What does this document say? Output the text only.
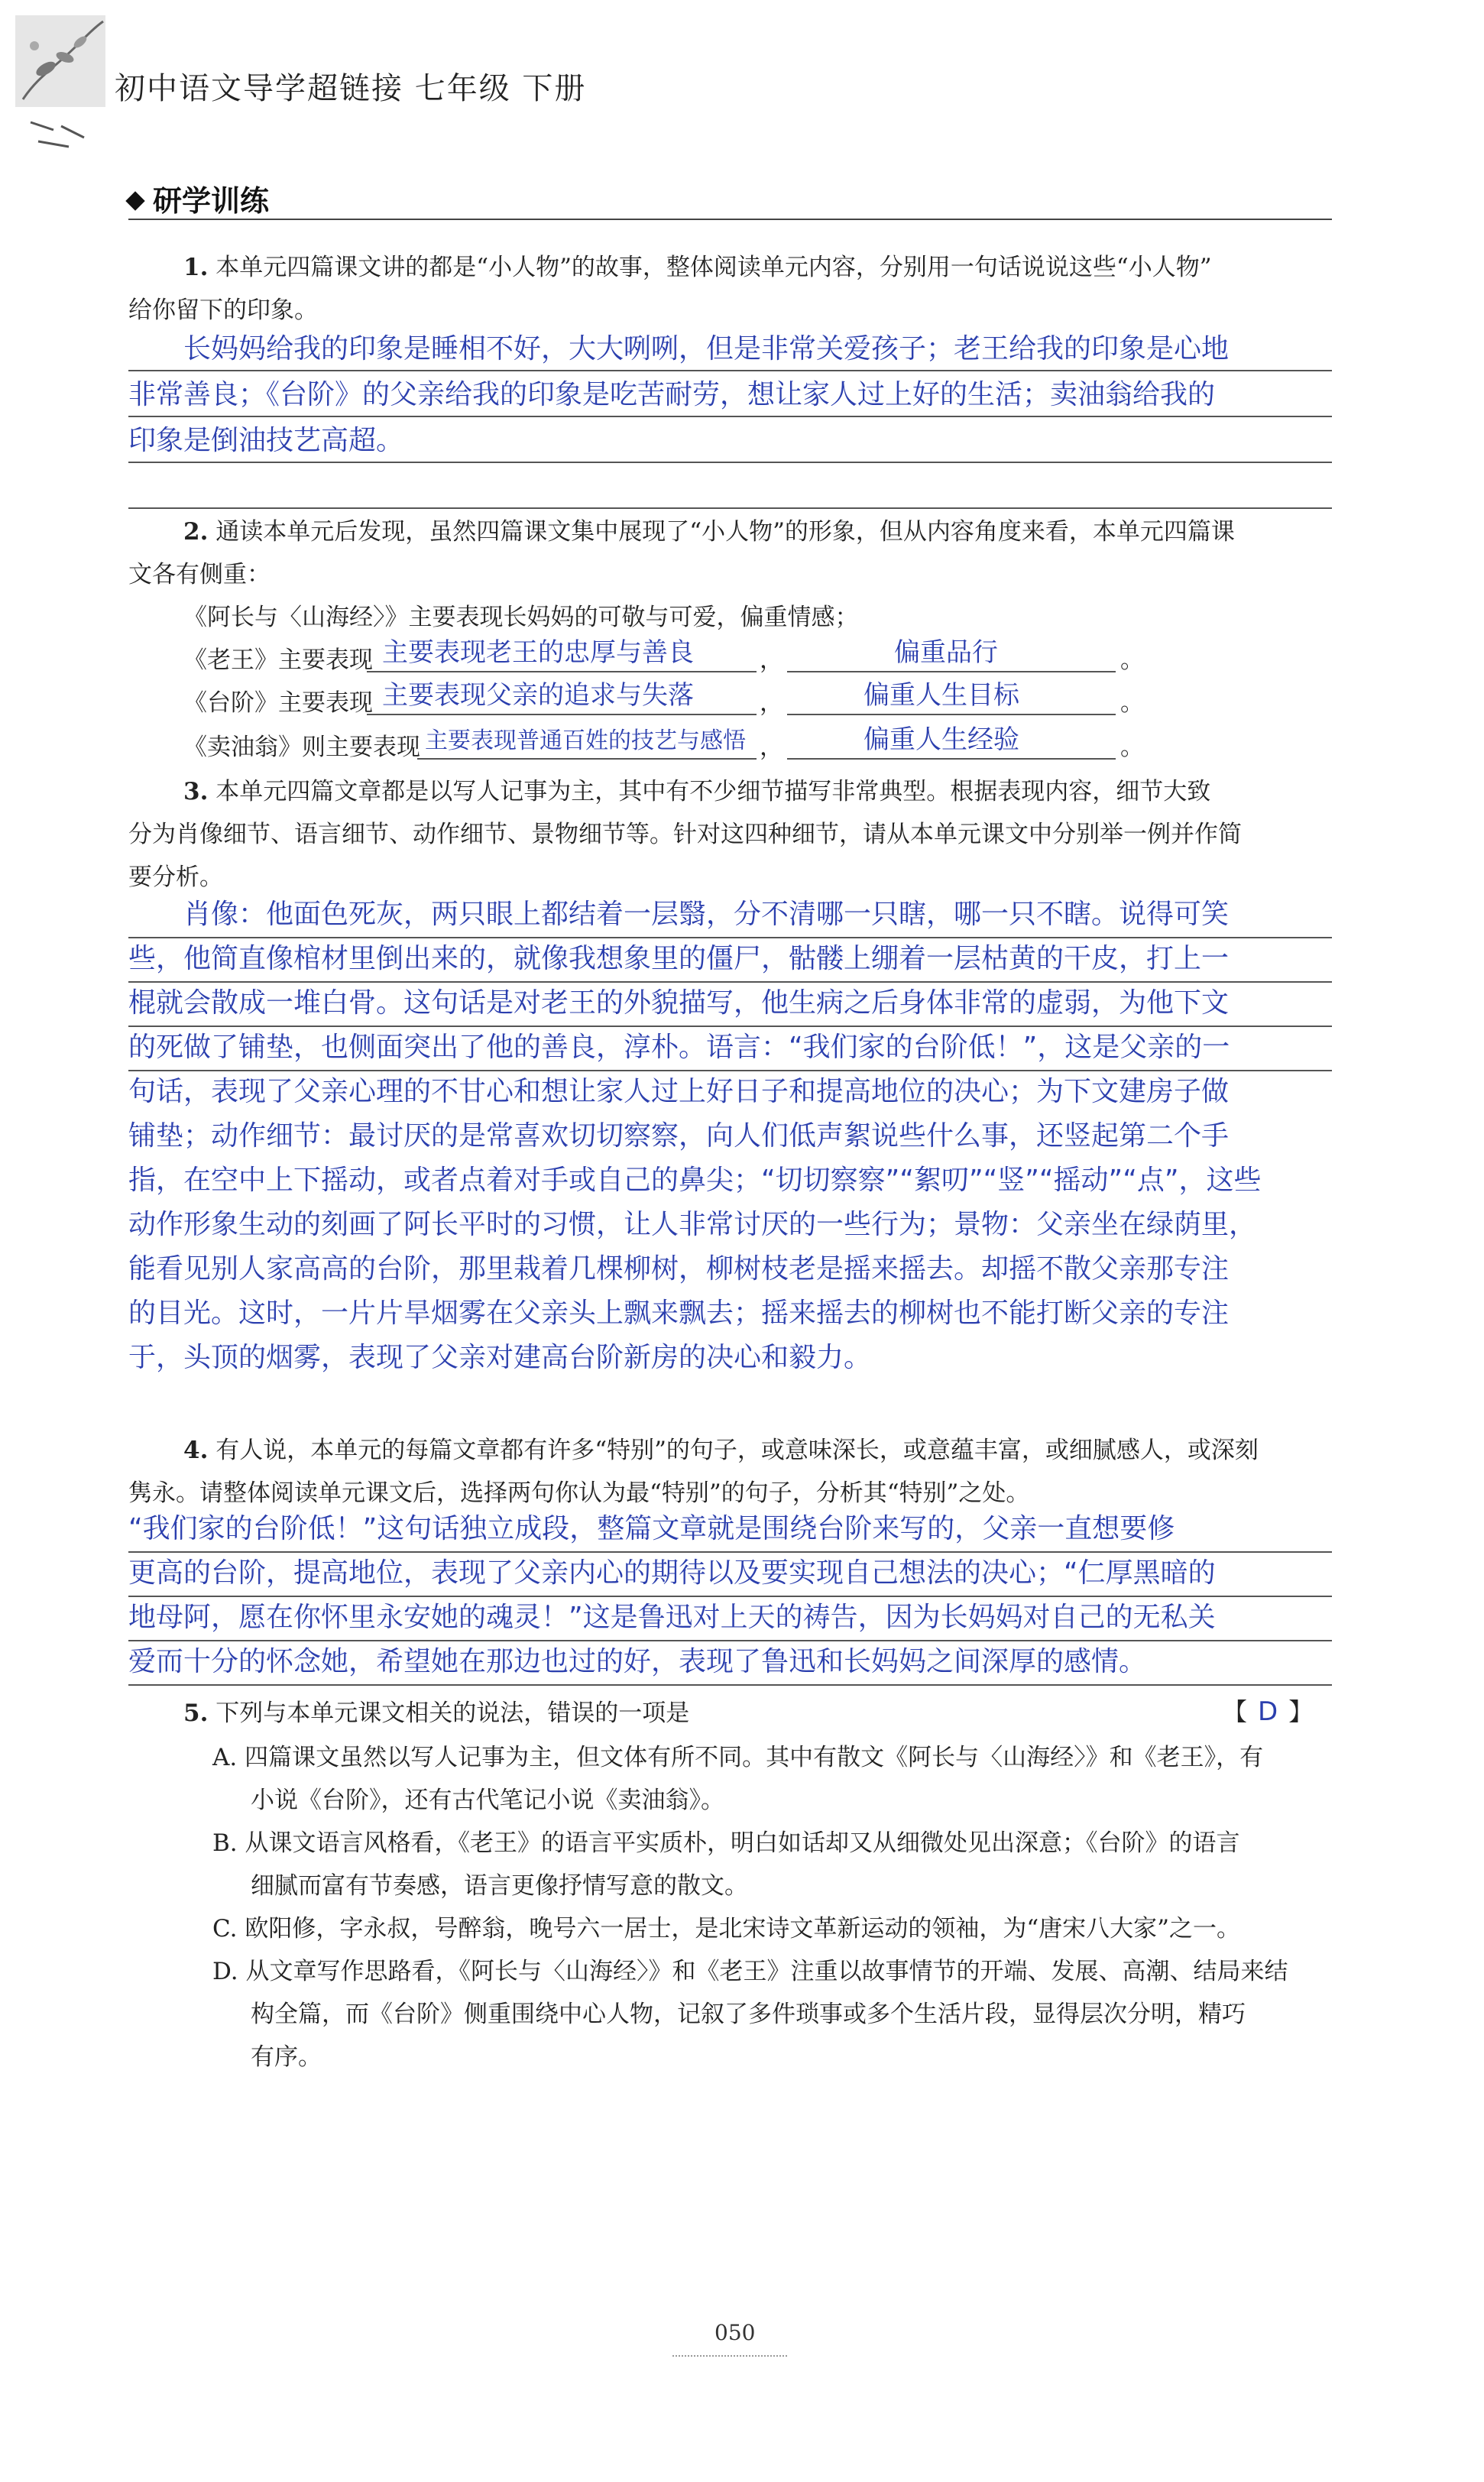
初中语文导学超链接 七年级 下册
研学训练
1. 本单元四篇课文讲的都是“小人物”的故事，整体阅读单元内容，分别用一句话说说这些“小人物”
给你留下的印象。
长妈妈给我的印象是睡相不好，大大咧咧，但是非常关爱孩子；老王给我的印象是心地
非常善良；《台阶》的父亲给我的印象是吃苦耐劳，想让家人过上好的生活；卖油翁给我的
印象是倒油技艺高超。
2. 通读本单元后发现，虽然四篇课文集中展现了“小人物”的形象，但从内容角度来看，本单元四篇课
文各有侧重：
《阿长与〈山海经〉》主要表现长妈妈的可敬与可爱，偏重情感；
《老王》主要表现 主要表现老王的忠厚与善良	，	偏重品行	。
《台阶》主要表现 主要表现父亲的追求与失落	，	偏重人生目标	。
《卖油翁》则主要表现 主要表现普通百姓的技艺与感悟 ，	偏重人生经验	。
3. 本单元四篇文章都是以写人记事为主，其中有不少细节描写非常典型。根据表现内容，细节大致
分为肖像细节、语言细节、动作细节、景物细节等。针对这四种细节，请从本单元课文中分别举一例并作简
要分析。
肖像：他面色死灰，两只眼上都结着一层翳，分不清哪一只瞎，哪一只不瞎。说得可笑
些，他简直像棺材里倒出来的，就像我想象里的僵尸，骷髅上绷着一层枯黄的干皮，打上一
棍就会散成一堆白骨。这句话是对老王的外貌描写，他生病之后身体非常的虚弱，为他下文
的死做了铺垫，也侧面突出了他的善良，淳朴。语言：“我们家的台阶低！”，这是父亲的一
句话，表现了父亲心理的不甘心和想让家人过上好日子和提高地位的决心；为下文建房子做
铺垫；动作细节：最讨厌的是常喜欢切切察察，向人们低声絮说些什么事，还竖起第二个手
指，在空中上下摇动，或者点着对手或自己的鼻尖；“切切察察”“絮叨”“竖”“摇动”“点”，这些
动作形象生动的刻画了阿长平时的习惯，让人非常讨厌的一些行为；景物：父亲坐在绿荫里，
能看见别人家高高的台阶，那里栽着几棵柳树，柳树枝老是摇来摇去。却摇不散父亲那专注
的目光。这时，一片片旱烟雾在父亲头上飘来飘去；摇来摇去的柳树也不能打断父亲的专注
于，头顶的烟雾，表现了父亲对建高台阶新房的决心和毅力。
4. 有人说，本单元的每篇文章都有许多“特别”的句子，或意味深长，或意蕴丰富，或细腻感人，或深刻
隽永。请整体阅读单元课文后，选择两句你认为最“特别”的句子，分析其“特别”之处。
“我们家的台阶低！”这句话独立成段，整篇文章就是围绕台阶来写的，父亲一直想要修
更高的台阶，提高地位，表现了父亲内心的期待以及要实现自己想法的决心；“仁厚黑暗的
地母阿，愿在你怀里永安她的魂灵！”这是鲁迅对上天的祷告，因为长妈妈对自己的无私关
爱而十分的怀念她，希望她在那边也过的好，表现了鲁迅和长妈妈之间深厚的感情。
5. 下列与本单元课文相关的说法，错误的一项是	【 D 】
A. 四篇课文虽然以写人记事为主，但文体有所不同。其中有散文《阿长与〈山海经〉》和《老王》，有
小说《台阶》，还有古代笔记小说《卖油翁》。
B. 从课文语言风格看，《老王》的语言平实质朴，明白如话却又从细微处见出深意；《台阶》的语言
细腻而富有节奏感，语言更像抒情写意的散文。
C. 欧阳修，字永叔，号醉翁，晚号六一居士，是北宋诗文革新运动的领袖，为“唐宋八大家”之一。
D. 从文章写作思路看，《阿长与〈山海经〉》和《老王》注重以故事情节的开端、发展、高潮、结局来结
构全篇，而《台阶》侧重围绕中心人物，记叙了多件琐事或多个生活片段，显得层次分明，精巧
有序。
050
